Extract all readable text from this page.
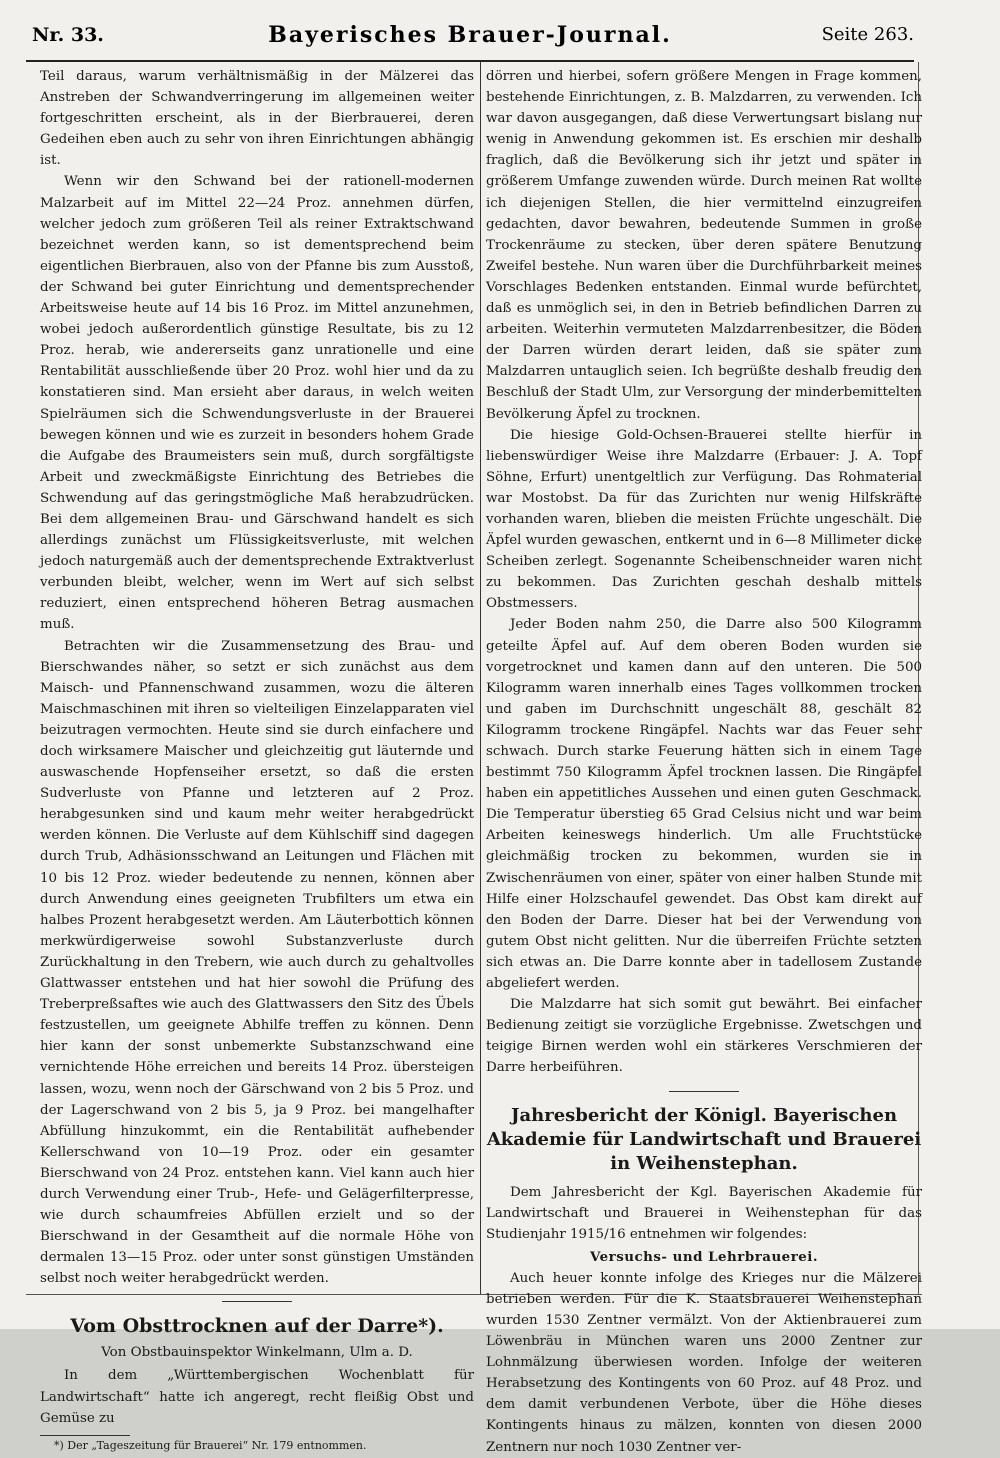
Nr. 33.	Bayerisches Brauer-Journal.	Seite 263.

Teil daraus, warum verhältnismäßig in der Mälzerei das Anstreben der Schwandverringerung im allgemeinen weiter fortgeschritten erscheint, als in der Bierbrauerei, deren Gedeihen eben auch zu sehr von ihren Einrichtungen abhängig ist.

Wenn wir den Schwand bei der rationell-modernen Malzarbeit auf im Mittel 22—24 Proz. annehmen dürfen, welcher jedoch zum größeren Teil als reiner Extraktschwand bezeichnet werden kann, so ist dementsprechend beim eigentlichen Bierbrauen, also von der Pfanne bis zum Ausstoß, der Schwand bei guter Einrichtung und dementsprechender Arbeitsweise heute auf 14 bis 16 Proz. im Mittel anzunehmen, wobei jedoch außerordentlich günstige Resultate, bis zu 12 Proz. herab, wie andererseits ganz unrationelle und eine Rentabilität ausschließende über 20 Proz. wohl hier und da zu konstatieren sind. Man ersieht aber daraus, in welch weiten Spielräumen sich die Schwendungsverluste in der Brauerei bewegen können und wie es zurzeit in besonders hohem Grade die Aufgabe des Braumeisters sein muß, durch sorgfältigste Arbeit und zweckmäßigste Einrichtung des Betriebes die Schwendung auf das geringstmögliche Maß herabzudrücken. Bei dem allgemeinen Brau- und Gärschwand handelt es sich allerdings zunächst um Flüssigkeitsverluste, mit welchen jedoch naturgemäß auch der dementsprechende Extraktverlust verbunden bleibt, welcher, wenn im Wert auf sich selbst reduziert, einen entsprechend höheren Betrag ausmachen muß.

Betrachten wir die Zusammensetzung des Brau- und Bierschwandes näher, so setzt er sich zunächst aus dem Maisch- und Pfannenschwand zusammen, wozu die älteren Maischmaschinen mit ihren so vielteiligen Einzelapparaten viel beizutragen vermochten. Heute sind sie durch einfachere und doch wirksamere Maischer und gleichzeitig gut läuternde und auswaschende Hopfenseiher ersetzt, so daß die ersten Sudverluste von Pfanne und letzteren auf 2 Proz. herabgesunken sind und kaum mehr weiter herabgedrückt werden können. Die Verluste auf dem Kühlschiff sind dagegen durch Trub, Adhäsionsschwand an Leitungen und Flächen mit 10 bis 12 Proz. wieder bedeutende zu nennen, können aber durch Anwendung eines geeigneten Trubfilters um etwa ein halbes Prozent herabgesetzt werden. Am Läuterbottich können merkwürdigerweise sowohl Substanzverluste durch Zurückhaltung in den Trebern, wie auch durch zu gehaltvolles Glattwasser entstehen und hat hier sowohl die Prüfung des Treberpreßsaftes wie auch des Glattwassers den Sitz des Übels festzustellen, um geeignete Abhilfe treffen zu können. Denn hier kann der sonst unbemerkte Substanzschwand eine vernichtende Höhe erreichen und bereits 14 Proz. übersteigen lassen, wozu, wenn noch der Gärschwand von 2 bis 5 Proz. und der Lagerschwand von 2 bis 5, ja 9 Proz. bei mangelhafter Abfüllung hinzukommt, ein die Rentabilität aufhebender Kellerschwand von 10—19 Proz. oder ein gesamter Bierschwand von 24 Proz. entstehen kann. Viel kann auch hier durch Verwendung einer Trub-, Hefe- und Gelägerfilterpresse, wie durch schaumfreies Abfüllen erzielt und so der Bierschwand in der Gesamtheit auf die normale Höhe von dermalen 13—15 Proz. oder unter sonst günstigen Umständen selbst noch weiter herabgedrückt werden.

Vom Obsttrocknen auf der Darre*).

Von Obstbauinspektor Winkelmann, Ulm a. D.

In dem „Württembergischen Wochenblatt für Landwirtschaft“ hatte ich angeregt, recht fleißig Obst und Gemüse zu

*) Der „Tageszeitung für Brauerei“ Nr. 179 entnommen.

dörren und hierbei, sofern größere Mengen in Frage kommen, bestehende Einrichtungen, z. B. Malzdarren, zu verwenden. Ich war davon ausgegangen, daß diese Verwertungsart bislang nur wenig in Anwendung gekommen ist. Es erschien mir deshalb fraglich, daß die Bevölkerung sich ihr jetzt und später in größerem Umfange zuwenden würde. Durch meinen Rat wollte ich diejenigen Stellen, die hier vermittelnd einzugreifen gedachten, davor bewahren, bedeutende Summen in große Trockenräume zu stecken, über deren spätere Benutzung Zweifel bestehe. Nun waren über die Durchführbarkeit meines Vorschlages Bedenken entstanden. Einmal wurde befürchtet, daß es unmöglich sei, in den in Betrieb befindlichen Darren zu arbeiten. Weiterhin vermuteten Malzdarrenbesitzer, die Böden der Darren würden derart leiden, daß sie später zum Malzdarren untauglich seien. Ich begrüßte deshalb freudig den Beschluß der Stadt Ulm, zur Versorgung der minderbemittelten Bevölkerung Äpfel zu trocknen.

Die hiesige Gold-Ochsen-Brauerei stellte hierfür in liebenswürdiger Weise ihre Malzdarre (Erbauer: J. A. Topf Söhne, Erfurt) unentgeltlich zur Verfügung. Das Rohmaterial war Mostobst. Da für das Zurichten nur wenig Hilfskräfte vorhanden waren, blieben die meisten Früchte ungeschält. Die Äpfel wurden gewaschen, entkernt und in 6—8 Millimeter dicke Scheiben zerlegt. Sogenannte Scheibenschneider waren nicht zu bekommen. Das Zurichten geschah deshalb mittels Obstmessers.

Jeder Boden nahm 250, die Darre also 500 Kilogramm geteilte Äpfel auf. Auf dem oberen Boden wurden sie vorgetrocknet und kamen dann auf den unteren. Die 500 Kilogramm waren innerhalb eines Tages vollkommen trocken und gaben im Durchschnitt ungeschält 88, geschält 82 Kilogramm trockene Ringäpfel. Nachts war das Feuer sehr schwach. Durch starke Feuerung hätten sich in einem Tage bestimmt 750 Kilogramm Äpfel trocknen lassen. Die Ringäpfel haben ein appetitliches Aussehen und einen guten Geschmack. Die Temperatur überstieg 65 Grad Celsius nicht und war beim Arbeiten keineswegs hinderlich. Um alle Fruchtstücke gleichmäßig trocken zu bekommen, wurden sie in Zwischenräumen von einer, später von einer halben Stunde mit Hilfe einer Holzschaufel gewendet. Das Obst kam direkt auf den Boden der Darre. Dieser hat bei der Verwendung von gutem Obst nicht gelitten. Nur die überreifen Früchte setzten sich etwas an. Die Darre konnte aber in tadellosem Zustande abgeliefert werden.

Die Malzdarre hat sich somit gut bewährt. Bei einfacher Bedienung zeitigt sie vorzügliche Ergebnisse. Zwetschgen und teigige Birnen werden wohl ein stärkeres Verschmieren der Darre herbeiführen.

Jahresbericht der Königl. Bayerischen Akademie für Landwirtschaft und Brauerei in Weihenstephan.

Dem Jahresbericht der Kgl. Bayerischen Akademie für Landwirtschaft und Brauerei in Weihenstephan für das Studienjahr 1915/16 entnehmen wir folgendes:

Versuchs- und Lehrbrauerei.

Auch heuer konnte infolge des Krieges nur die Mälzerei betrieben werden. Für die K. Staatsbrauerei Weihenstephan wurden 1530 Zentner vermälzt. Von der Aktienbrauerei zum Löwenbräu in München waren uns 2000 Zentner zur Lohnmälzung überwiesen worden. Infolge der weiteren Herabsetzung des Kontingents von 60 Proz. auf 48 Proz. und dem damit verbundenen Verbote, über die Höhe dieses Kontingents hinaus zu mälzen, konnten von diesen 2000 Zentnern nur noch 1030 Zentner ver-
